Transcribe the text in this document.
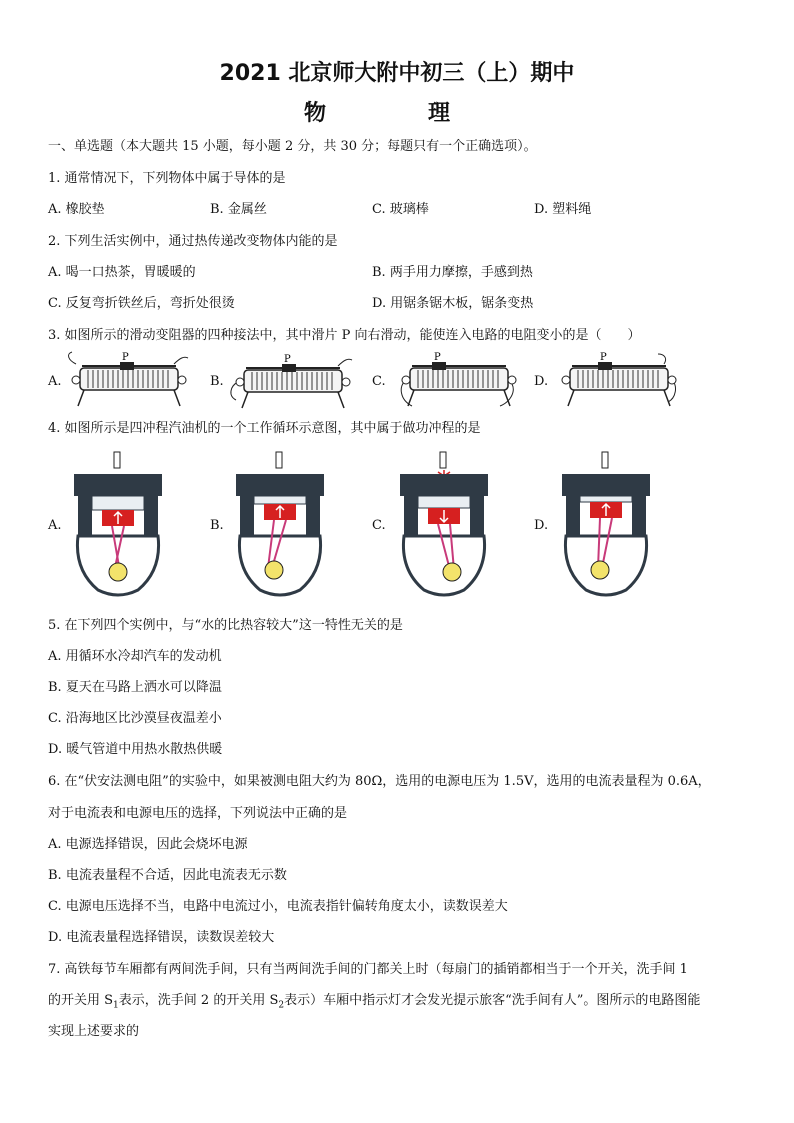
2021 北京师大附中初三（上）期中
物　理
一、单选题（本大题共 15 小题，每小题 2 分，共 30 分；每题只有一个正确选项）。
1. 通常情况下，下列物体中属于导体的是
A. 橡胶垫	B. 金属丝	C. 玻璃棒	D. 塑料绳
2. 下列生活实例中，通过热传递改变物体内能的是
A. 喝一口热茶，胃暖暖的	B. 两手用力摩擦，手感到热
C. 反复弯折铁丝后，弯折处很烫	D. 用锯条锯木板，锯条变热
3. 如图所示的滑动变阻器的四种接法中，其中滑片 P 向右滑动，能使连入电路的电阻变小的是（　　）
A.	B.	C.	D.
P	P	P	P
4. 如图所示是四冲程汽油机的一个工作循环示意图，其中属于做功冲程的是
A.	B.	C.	D.
5. 在下列四个实例中，与“水的比热容较大”这一特性无关的是
A. 用循环水冷却汽车的发动机
B. 夏天在马路上洒水可以降温
C. 沿海地区比沙漠昼夜温差小
D. 暖气管道中用热水散热供暖
6. 在“伏安法测电阻”的实验中，如果被测电阻大约为 80Ω，选用的电源电压为 1.5V，选用的电流表量程为 0.6A，
对于电流表和电源电压的选择，下列说法中正确的是
A. 电源选择错误，因此会烧坏电源
B. 电流表量程不合适，因此电流表无示数
C. 电源电压选择不当，电路中电流过小，电流表指针偏转角度太小，读数误差大
D. 电流表量程选择错误，读数误差较大
7. 高铁每节车厢都有两间洗手间，只有当两间洗手间的门都关上时（每扇门的插销都相当于一个开关，洗手间 1
的开关用 $S_1$表示，洗手间 2 的开关用 $S_2$表示）车厢中指示灯才会发光提示旅客“洗手间有人”。图所示的电路图能
实现上述要求的
